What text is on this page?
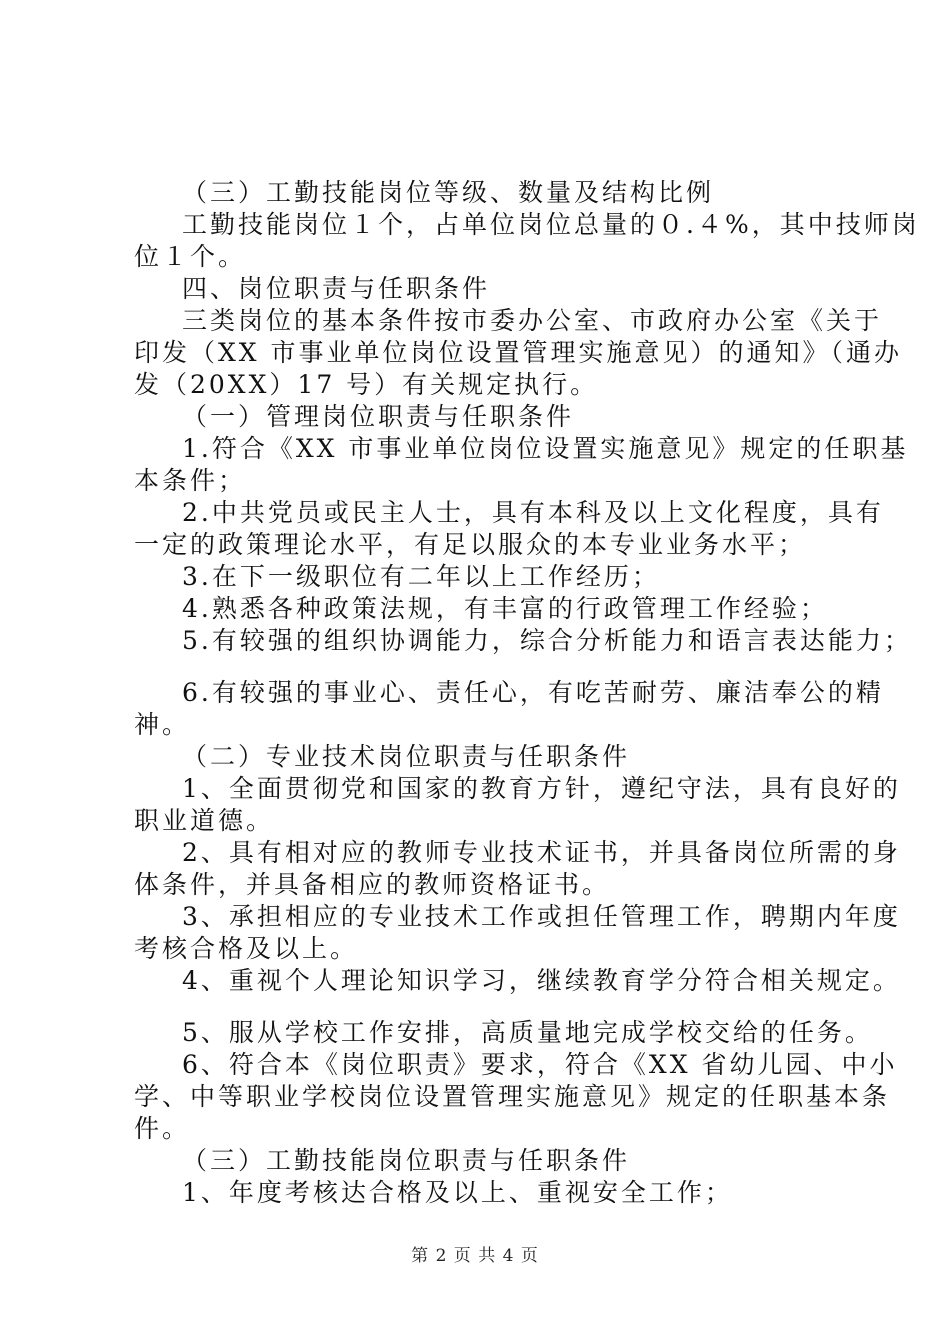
（三）工勤技能岗位等级、数量及结构比例
工勤技能岗位１个，占单位岗位总量的０.４%，其中技师岗
位１个。
四、岗位职责与任职条件
三类岗位的基本条件按市委办公室、市政府办公室《关于
印发（XX 市事业单位岗位设置管理实施意见）的通知》（通办
发（20XX）17 号）有关规定执行。
（一）管理岗位职责与任职条件
1.符合《XX 市事业单位岗位设置实施意见》规定的任职基
本条件；
2.中共党员或民主人士，具有本科及以上文化程度，具有
一定的政策理论水平，有足以服众的本专业业务水平；
3.在下一级职位有二年以上工作经历；
4.熟悉各种政策法规，有丰富的行政管理工作经验；
5.有较强的组织协调能力，综合分析能力和语言表达能力；
6.有较强的事业心、责任心，有吃苦耐劳、廉洁奉公的精
神。
（二）专业技术岗位职责与任职条件
1、全面贯彻党和国家的教育方针，遵纪守法，具有良好的
职业道德。
2、具有相对应的教师专业技术证书，并具备岗位所需的身
体条件，并具备相应的教师资格证书。
3、承担相应的专业技术工作或担任管理工作，聘期内年度
考核合格及以上。
4、重视个人理论知识学习，继续教育学分符合相关规定。
5、服从学校工作安排，高质量地完成学校交给的任务。
6、符合本《岗位职责》要求，符合《XX 省幼儿园、中小
学、中等职业学校岗位设置管理实施意见》规定的任职基本条
件。
（三）工勤技能岗位职责与任职条件
1、年度考核达合格及以上、重视安全工作；
第 2 页 共 4 页
